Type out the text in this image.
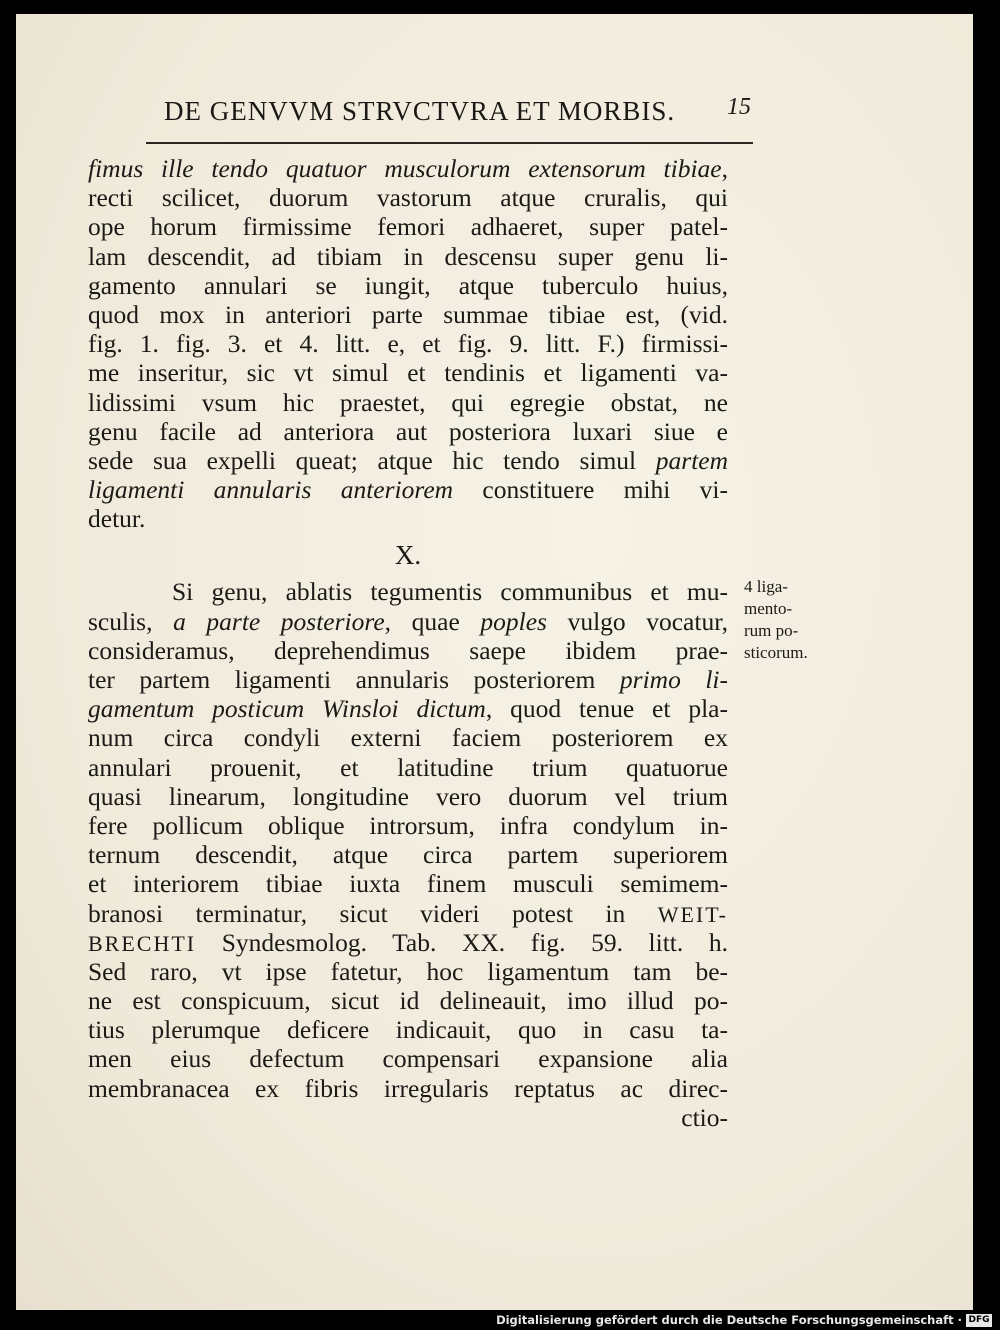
DE GENVVM STRVCTVRA ET MORBIS. 15
fimus ille tendo quatuor musculorum extensorum tibiae,
recti scilicet, duorum vastorum atque cruralis, qui
ope horum firmissime femori adhaeret, super patel-
lam descendit, ad tibiam in descensu super genu li-
gamento annulari se iungit, atque tuberculo huius,
quod mox in anteriori parte summae tibiae est, (vid.
fig. 1. fig. 3. et 4. litt. e, et fig. 9. litt. F.) firmissi-
me inseritur, sic vt simul et tendinis et ligamenti va-
lidissimi vsum hic praestet, qui egregie obstat, ne
genu facile ad anteriora aut posteriora luxari siue e
sede sua expelli queat; atque hic tendo simul partem
ligamenti annularis anteriorem constituere mihi vi-
detur.
X.
Si genu, ablatis tegumentis communibus et mu-
sculis, a parte posteriore, quae poples vulgo vocatur,
consideramus, deprehendimus saepe ibidem prae-
ter partem ligamenti annularis posteriorem primo li-
gamentum posticum Winsloi dictum, quod tenue et pla-
num circa condyli externi faciem posteriorem ex
annulari prouenit, et latitudine trium quatuorue
quasi linearum, longitudine vero duorum vel trium
fere pollicum oblique introrsum, infra condylum in-
ternum descendit, atque circa partem superiorem
et interiorem tibiae iuxta finem musculi semimem-
branosi terminatur, sicut videri potest in WEIT-
BRECHTI Syndesmolog. Tab. XX. fig. 59. litt. h.
Sed raro, vt ipse fatetur, hoc ligamentum tam be-
ne est conspicuum, sicut id delineauit, imo illud po-
tius plerumque deficere indicauit, quo in casu ta-
men eius defectum compensari expansione alia
membranacea ex fibris irregularis reptatus ac direc-
ctio-
4 liga-
mento-
rum po-
sticorum.
Digitalisierung gefördert durch die Deutsche Forschungsgemeinschaft · DFG
